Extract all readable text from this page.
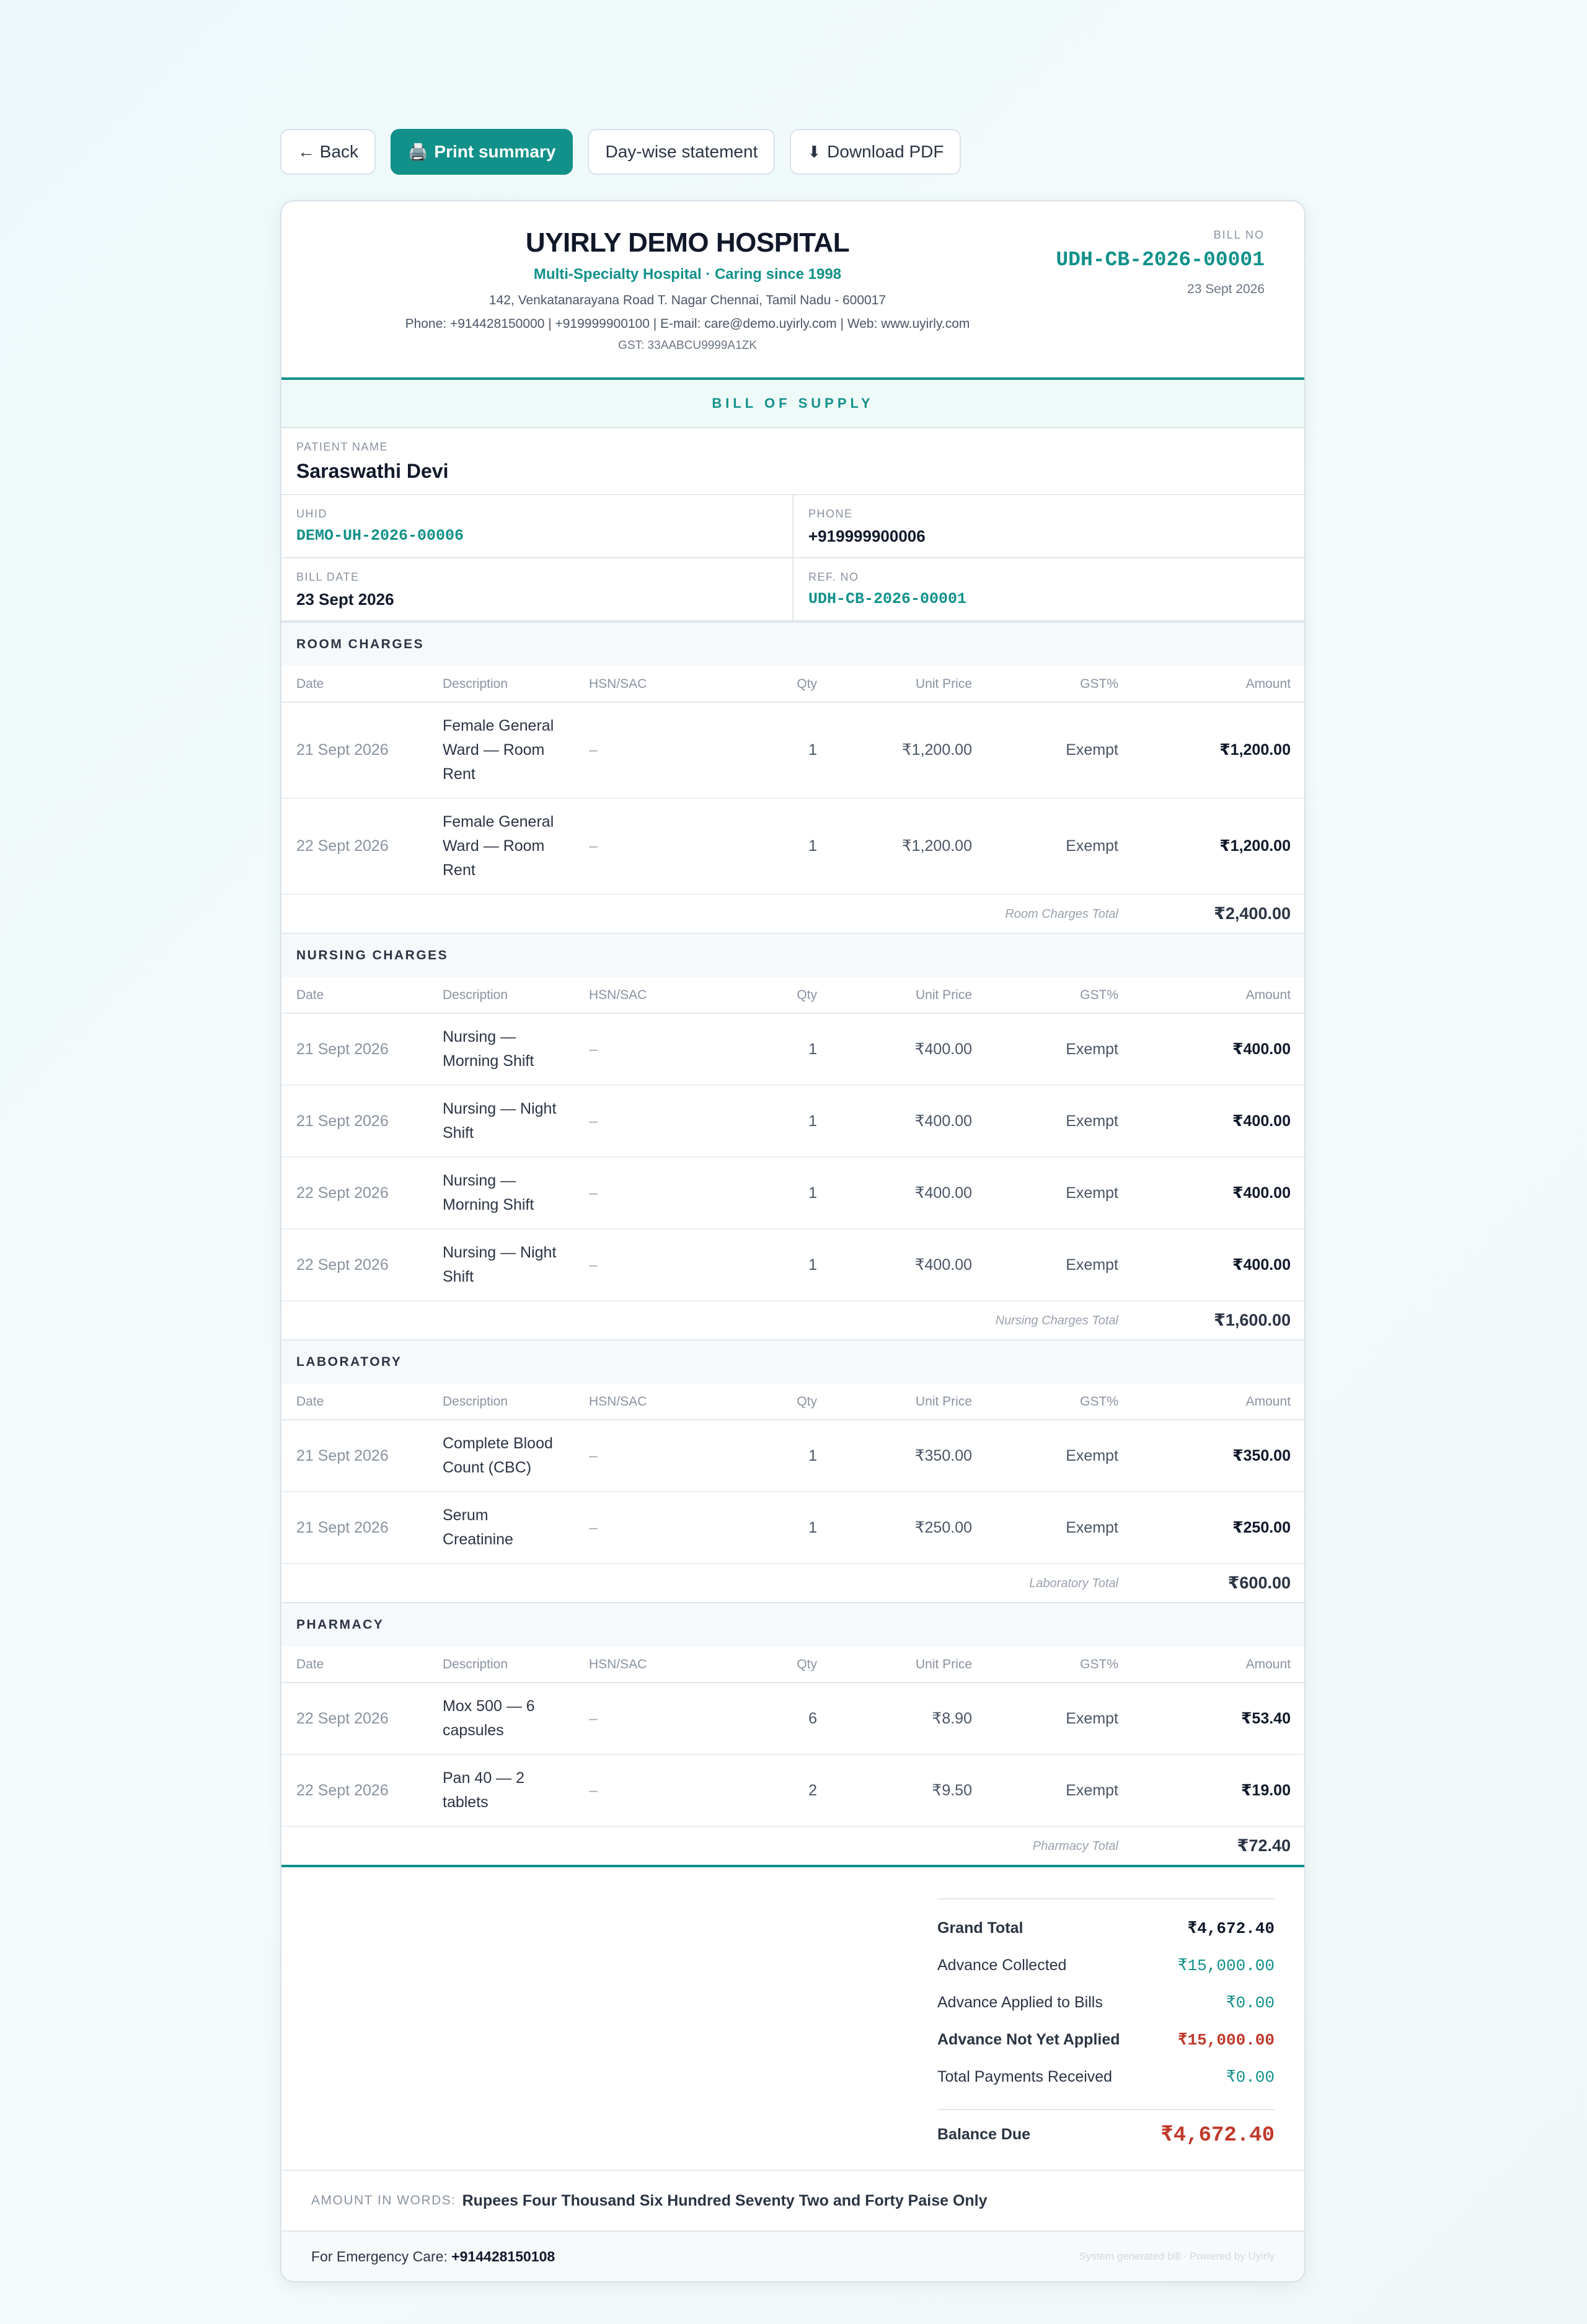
← Back	🖨️ Print summary	Day-wise statement	⬇ Download PDF
UYIRLY DEMO HOSPITAL
Multi-Specialty Hospital · Caring since 1998
142, Venkatanarayana Road T. Nagar Chennai, Tamil Nadu - 600017
Phone: +914428150000 | +919999900100 | E-mail: care@demo.uyirly.com | Web: www.uyirly.com
GST: 33AABCU9999A1ZK
BILL NO
UDH-CB-2026-00001
23 Sept 2026
BILL OF SUPPLY
PATIENT NAME
Saraswathi Devi
UHID
DEMO-UH-2026-00006
PHONE
+919999900006
BILL DATE
23 Sept 2026
REF. NO
UDH-CB-2026-00001
ROOM CHARGES
Date	Description	HSN/SAC	Qty	Unit Price	GST%	Amount
21 Sept 2026	Female General Ward — Room Rent	–	1	₹1,200.00	Exempt	₹1,200.00
22 Sept 2026	Female General Ward — Room Rent	–	1	₹1,200.00	Exempt	₹1,200.00
Room Charges Total						₹2,400.00
NURSING CHARGES
Date	Description	HSN/SAC	Qty	Unit Price	GST%	Amount
21 Sept 2026	Nursing — Morning Shift	–	1	₹400.00	Exempt	₹400.00
21 Sept 2026	Nursing — Night Shift	–	1	₹400.00	Exempt	₹400.00
22 Sept 2026	Nursing — Morning Shift	–	1	₹400.00	Exempt	₹400.00
22 Sept 2026	Nursing — Night Shift	–	1	₹400.00	Exempt	₹400.00
Nursing Charges Total						₹1,600.00
LABORATORY
Date	Description	HSN/SAC	Qty	Unit Price	GST%	Amount
21 Sept 2026	Complete Blood Count (CBC)	–	1	₹350.00	Exempt	₹350.00
21 Sept 2026	Serum Creatinine	–	1	₹250.00	Exempt	₹250.00
Laboratory Total						₹600.00
PHARMACY
Date	Description	HSN/SAC	Qty	Unit Price	GST%	Amount
22 Sept 2026	Mox 500 — 6 capsules	–	6	₹8.90	Exempt	₹53.40
22 Sept 2026	Pan 40 — 2 tablets	–	2	₹9.50	Exempt	₹19.00
Pharmacy Total						₹72.40
Grand Total	₹4,672.40
Advance Collected	₹15,000.00
Advance Applied to Bills	₹0.00
Advance Not Yet Applied	₹15,000.00
Total Payments Received	₹0.00
Balance Due	₹4,672.40
AMOUNT IN WORDS: Rupees Four Thousand Six Hundred Seventy Two and Forty Paise Only
For Emergency Care: +914428150108	System generated bill · Powered by Uyirly
